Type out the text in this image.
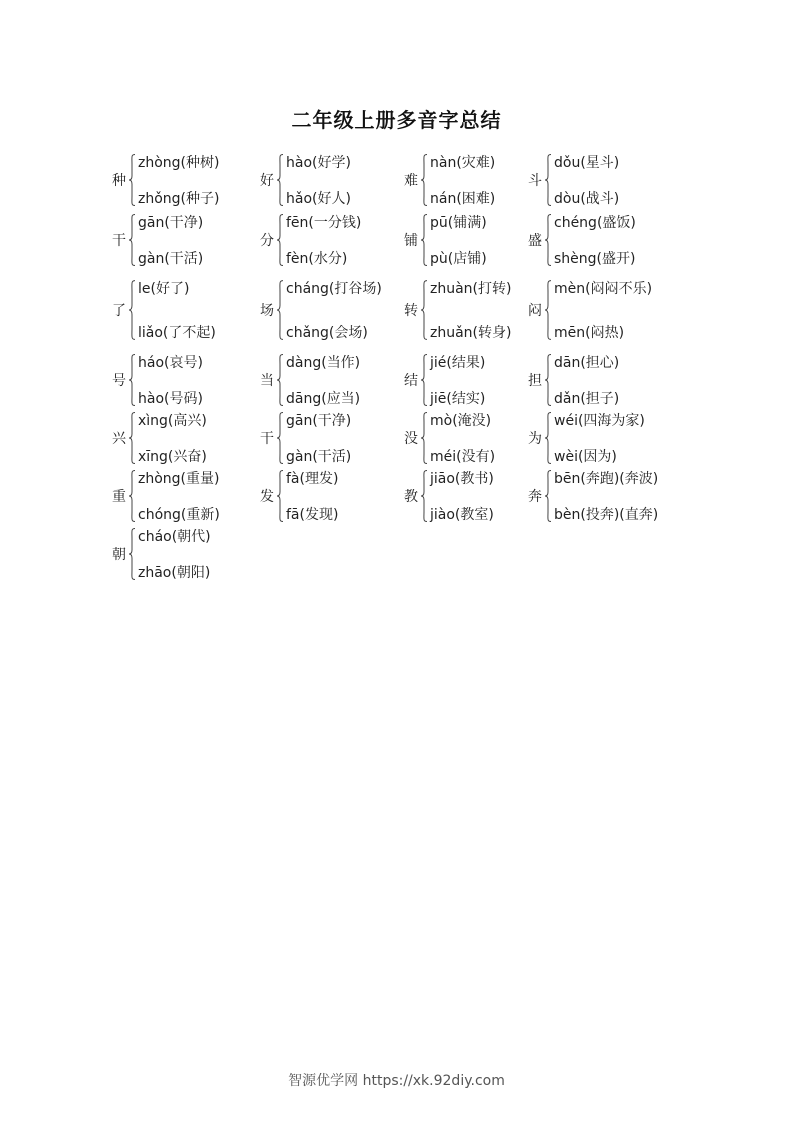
二年级上册多音字总结
种
zhòng(种树)
zhǒng(种子)
好
hào(好学)
hǎo(好人)
难
nàn(灾难)
nán(困难)
斗
dǒu(星斗)
dòu(战斗)
干
gān(干净)
gàn(干活)
分
fēn(一分钱)
fèn(水分)
铺
pū(铺满)
pù(店铺)
盛
chéng(盛饭)
shèng(盛开)
了
le(好了)
liǎo(了不起)
场
cháng(打谷场)
chǎng(会场)
转
zhuàn(打转)
zhuǎn(转身)
闷
mèn(闷闷不乐)
mēn(闷热)
号
háo(哀号)
hào(号码)
当
dàng(当作)
dāng(应当)
结
jié(结果)
jiē(结实)
担
dān(担心)
dǎn(担子)
兴
xìng(高兴)
xīng(兴奋)
干
gān(干净)
gàn(干活)
没
mò(淹没)
méi(没有)
为
wéi(四海为家)
wèi(因为)
重
zhòng(重量)
chóng(重新)
发
fà(理发)
fā(发现)
教
jiāo(教书)
jiào(教室)
奔
bēn(奔跑)(奔波)
bèn(投奔)(直奔)
朝
cháo(朝代)
zhāo(朝阳)
智源优学网 https://xk.92diy.com
